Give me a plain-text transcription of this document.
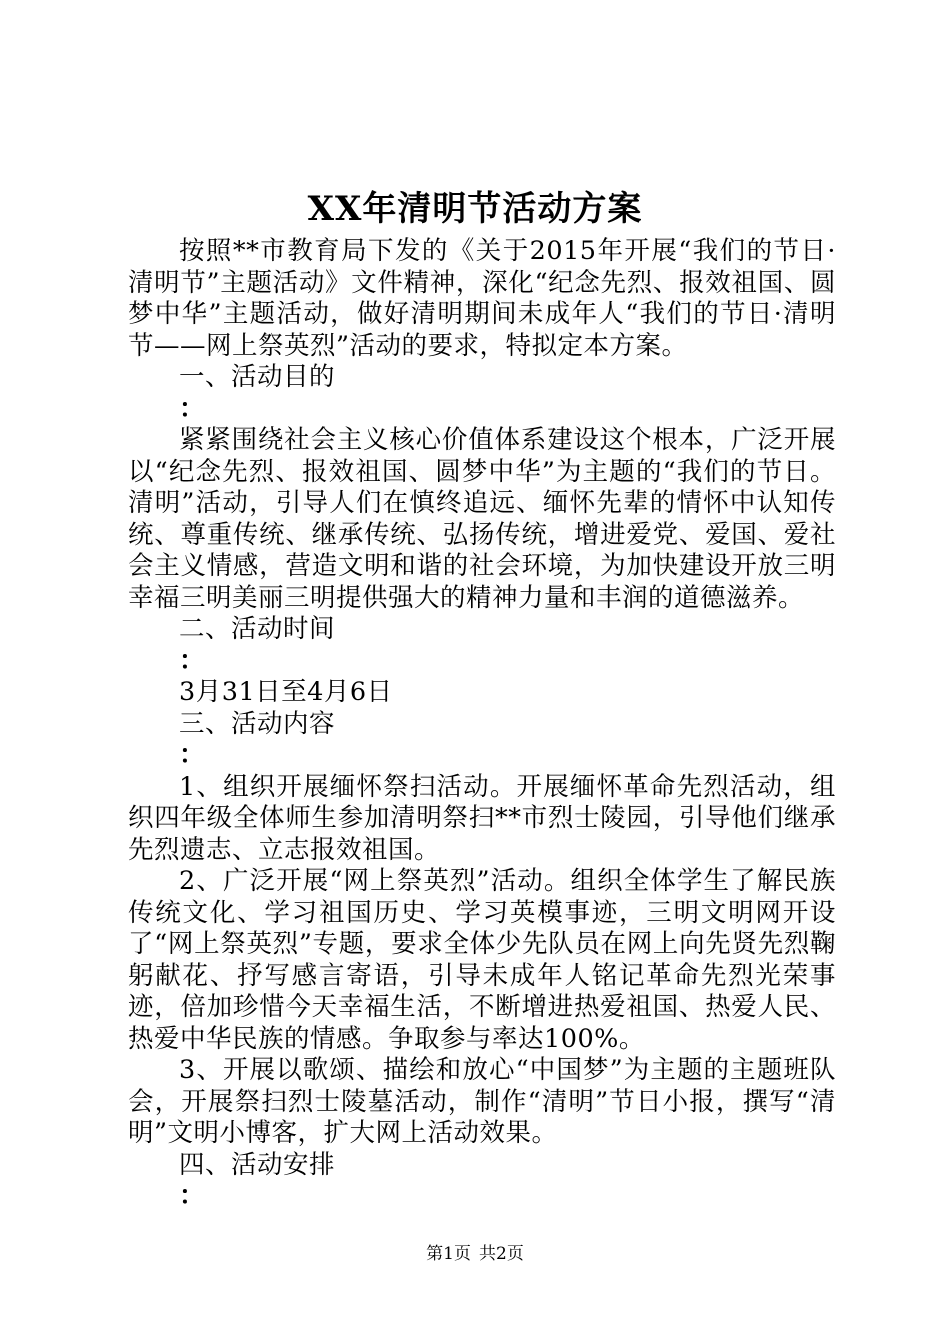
XX年清明节活动方案

按照**市教育局下发的《关于2015年开展“我们的节日·清明节”主题活动》文件精神，深化“纪念先烈、报效祖国、圆梦中华”主题活动，做好清明期间未成年人“我们的节日·清明节——网上祭英烈”活动的要求，特拟定本方案。

一、活动目的

：

紧紧围绕社会主义核心价值体系建设这个根本，广泛开展以“纪念先烈、报效祖国、圆梦中华”为主题的“我们的节日。清明”活动，引导人们在慎终追远、缅怀先辈的情怀中认知传统、尊重传统、继承传统、弘扬传统，增进爱党、爱国、爱社会主义情感，营造文明和谐的社会环境，为加快建设开放三明幸福三明美丽三明提供强大的精神力量和丰润的道德滋养。

二、活动时间

：

3月31日至4月6日

三、活动内容

：

1、组织开展缅怀祭扫活动。开展缅怀革命先烈活动，组织四年级全体师生参加清明祭扫**市烈士陵园，引导他们继承先烈遗志、立志报效祖国。

2、广泛开展“网上祭英烈”活动。组织全体学生了解民族传统文化、学习祖国历史、学习英模事迹，三明文明网开设了“网上祭英烈”专题，要求全体少先队员在网上向先贤先烈鞠躬献花、抒写感言寄语，引导未成年人铭记革命先烈光荣事迹，倍加珍惜今天幸福生活，不断增进热爱祖国、热爱人民、热爱中华民族的情感。争取参与率达100%。

3、开展以歌颂、描绘和放心“中国梦”为主题的主题班队会，开展祭扫烈士陵墓活动，制作“清明”节日小报，撰写“清明”文明小博客，扩大网上活动效果。

四、活动安排

：

第1页 共2页
